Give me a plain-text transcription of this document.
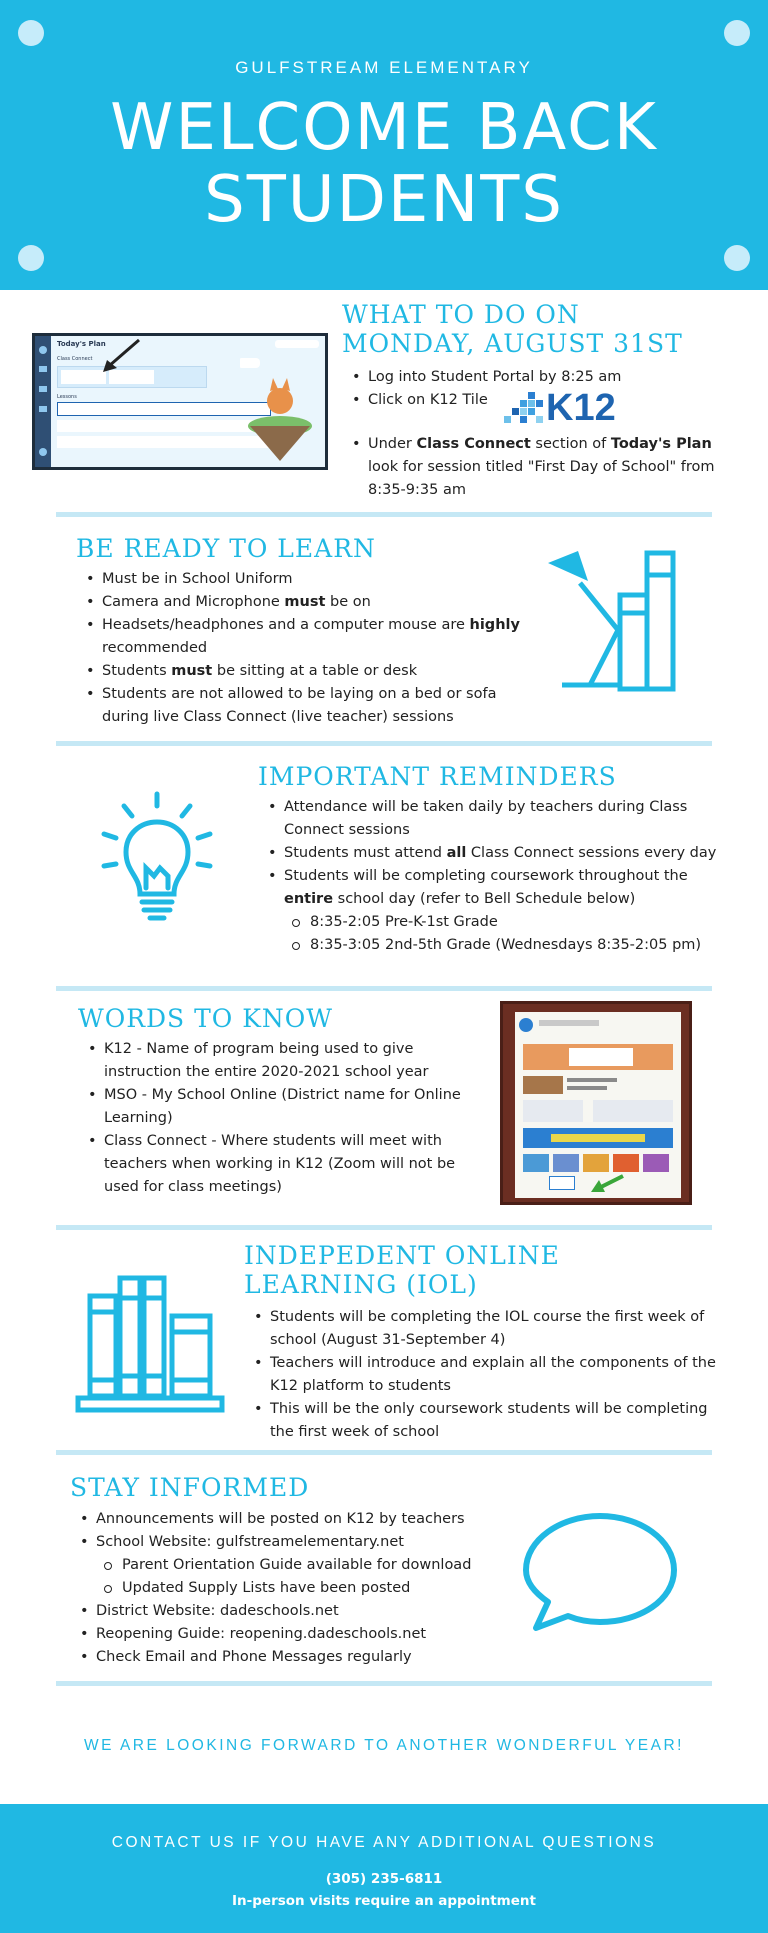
GULFSTREAM ELEMENTARY
WELCOME BACK
STUDENTS
Today's Plan
Class Connect
Lessons
WHAT TO DO ON
MONDAY, AUGUST 31ST
• Log into Student Portal by 8:25 am
• Click on K12 Tile K12
• Under Class Connect section of Today's Plan look for session titled "First Day of School" from 8:35-9:35 am
BE READY TO LEARN
• Must be in School Uniform
• Camera and Microphone must be on
• Headsets/headphones and a computer mouse are highly recommended
• Students must be sitting at a table or desk
• Students are not allowed to be laying on a bed or sofa during live Class Connect (live teacher) sessions
IMPORTANT REMINDERS
• Attendance will be taken daily by teachers during Class Connect sessions
• Students must attend all Class Connect sessions every day
• Students will be completing coursework throughout the entire school day (refer to Bell Schedule below)
8:35-2:05 Pre-K-1st Grade
8:35-3:05 2nd-5th Grade (Wednesdays 8:35-2:05 pm)
WORDS TO KNOW
• K12 - Name of program being used to give instruction the entire 2020-2021 school year
• MSO - My School Online (District name for Online Learning)
• Class Connect - Where students will meet with teachers when working in K12 (Zoom will not be used for class meetings)
INDEPEDENT ONLINE
LEARNING (IOL)
• Students will be completing the IOL course the first week of school (August 31-September 4)
• Teachers will introduce and explain all the components of the K12 platform to students
• This will be the only coursework students will be completing the first week of school
STAY INFORMED
• Announcements will be posted on K12 by teachers
• School Website: gulfstreamelementary.net
Parent Orientation Guide available for download
Updated Supply Lists have been posted
• District Website: dadeschools.net
• Reopening Guide: reopening.dadeschools.net
• Check Email and Phone Messages regularly
WE ARE LOOKING FORWARD TO ANOTHER WONDERFUL YEAR!
CONTACT US IF YOU HAVE ANY ADDITIONAL QUESTIONS
(305) 235-6811
In-person visits require an appointment
